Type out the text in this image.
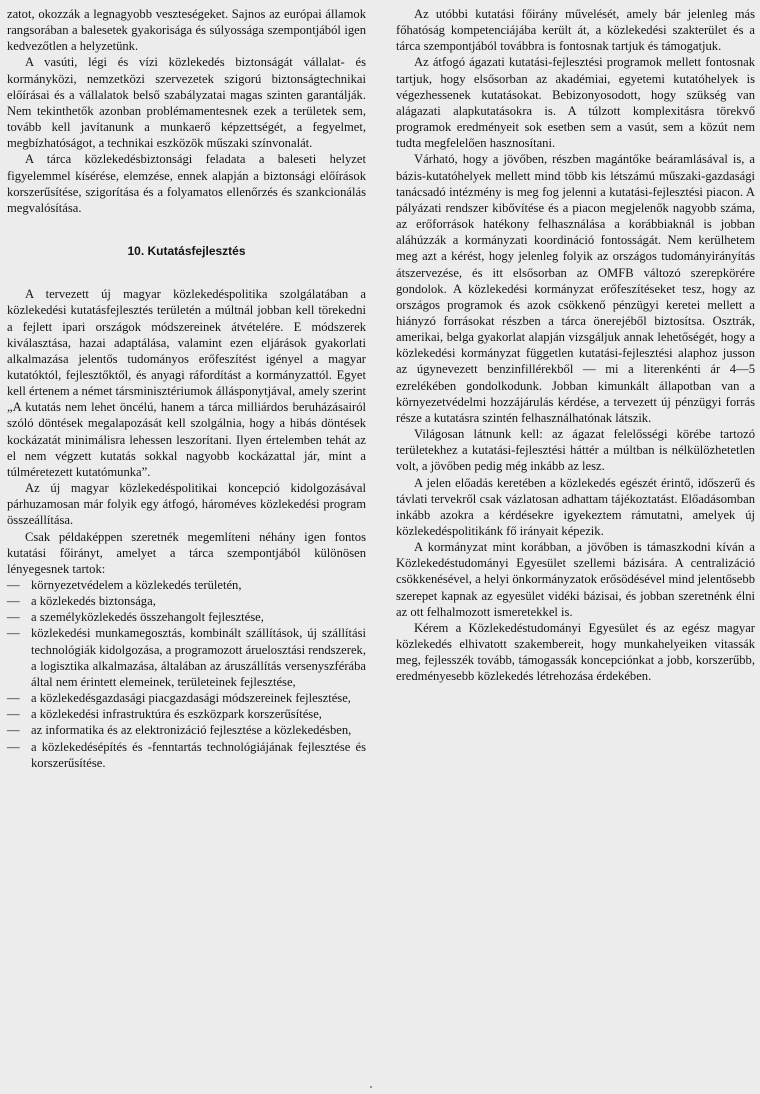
zatot, okozzák a legnagyobb veszteségeket. Sajnos az európai államok rangsorában a balesetek gyakorisága és súlyossága szempontjából igen kedvezőtlen a helyzetünk.

A vasúti, légi és vízi közlekedés biztonságát vállalat- és kormányközi, nemzetközi szervezetek szigorú biztonságtechnikai előírásai és a vállalatok belső szabályzatai magas szinten garantálják. Nem tekinthetők azonban problémamentesnek ezek a területek sem, tovább kell javítanunk a munkaerő képzettségét, a fegyelmet, megbízhatóságot, a technikai eszközök műszaki színvonalát.

A tárca közlekedésbiztonsági feladata a baleseti helyzet figyelemmel kísérése, elemzése, ennek alapján a biztonsági előírások korszerűsítése, szigorítása és a folyamatos ellenőrzés és szankcionálás megvalósítása.

10. Kutatásfejlesztés

A tervezett új magyar közlekedéspolitika szolgálatában a közlekedési kutatásfejlesztés területén a múltnál jobban kell törekedni a fejlett ipari országok módszereinek átvételére. E módszerek kiválasztása, hazai adaptálása, valamint ezen eljárások gyakorlati alkalmazása jelentős tudományos erőfeszítést igényel a magyar kutatóktól, fejlesztőktől, és anyagi ráfordítást a kormányzattól. Egyet kell értenem a német társminisztériumok állásponytjával, amely szerint „A kutatás nem lehet öncélú, hanem a tárca milliárdos beruházásairól szóló döntések megalapozását kell szolgálnia, hogy a hibás döntések kockázatát minimálisra lehessen leszorítani. Ilyen értelemben tehát az el nem végzett kutatás sokkal nagyobb kockázattal jár, mint a túlméretezett kutatómunka”.

Az új magyar közlekedéspolitikai koncepció kidolgozásával párhuzamosan már folyik egy átfogó, hároméves közlekedési program összeállítása.

Csak példaképpen szeretnék megemlíteni néhány igen fontos kutatási főirányt, amelyet a tárca szempontjából különösen lényegesnek tartok:

— környezetvédelem a közlekedés területén,
— a közlekedés biztonsága,
— a személyközlekedés összehangolt fejlesztése,
— közlekedési munkamegosztás, kombinált szállítások, új szállítási technológiák kidolgozása, a programozott áruelosztási rendszerek, a logisztika alkalmazása, általában az áruszállítás versenyszférába által nem érintett elemeinek, területeinek fejlesztése,
— a közlekedésgazdasági piacgazdasági módszereinek fejlesztése,
— a közlekedési infrastruktúra és eszközpark korszerűsítése,
— az informatika és az elektronizáció fejlesztése a közlekedésben,
— a közlekedésépítés és -fenntartás technológiájának fejlesztése és korszerűsítése.

Az utóbbi kutatási főirány művelését, amely bár jelenleg más főhatóság kompetenciájába került át, a közlekedési szakterület és a tárca szempontjából továbbra is fontosnak tartjuk és támogatjuk.

Az átfogó ágazati kutatási-fejlesztési programok mellett fontosnak tartjuk, hogy elsősorban az akadémiai, egyetemi kutatóhelyek is végezhessenek kutatásokat. Bebizonyosodott, hogy szükség van alágazati alapkutatásokra is. A túlzott komplexitásra törekvő programok eredményeit sok esetben sem a vasút, sem a közút nem tudta megfelelően hasznosítani.

Várható, hogy a jövőben, részben magántőke beáramlásával is, a bázis-kutatóhelyek mellett mind több kis létszámú műszaki-gazdasági tanácsadó intézmény is meg fog jelenni a kutatási-fejlesztési piacon. A pályázati rendszer kibővítése és a piacon megjelenők nagyobb száma, az erőforrások hatékony felhasználása a korábbiaknál is jobban aláhúzzák a kormányzati koordináció fontosságát. Nem kerülhetem meg azt a kérést, hogy jelenleg folyik az országos tudományirányítás átszervezése, és itt elsősorban az OMFB változó szerepkörére gondolok. A közlekedési kormányzat erőfeszítéseket tesz, hogy az országos programok és azok csökkenő pénzügyi keretei mellett a hiányzó forrásokat részben a tárca önerejéből biztosítsa. Osztrák, amerikai, belga gyakorlat alapján vizsgáljuk annak lehetőségét, hogy a közlekedési kormányzat független kutatási-fejlesztési alaphoz jusson az úgynevezett benzinfillérekből — mi a literenkénti ár 4—5 ezrelékében gondolkodunk. Jobban kimunkált állapotban van a környezetvédelmi hozzájárulás kérdése, a tervezett új pénzügyi forrás része a kutatásra szintén felhasználhatónak látszik.

Világosan látnunk kell: az ágazat felelősségi körébe tartozó területekhez a kutatási-fejlesztési háttér a múltban is nélkülözhetetlen volt, a jövőben pedig még inkább az lesz.

A jelen előadás keretében a közlekedés egészét érintő, időszerű és távlati tervekről csak vázlatosan adhattam tájékoztatást. Előadásomban inkább azokra a kérdésekre igyekeztem rámutatni, amelyek új közlekedéspolitikánk fő irányait képezik.

A kormányzat mint korábban, a jövőben is támaszkodni kíván a Közlekedéstudományi Egyesület szellemi bázisára. A centralizáció csökkenésével, a helyi önkormányzatok erősödésével mind jelentősebb szerepet kapnak az egyesület vidéki bázisai, és jobban szeretnénk élni az ott felhalmozott ismeretekkel is.

Kérem a Közlekedéstudományi Egyesület és az egész magyar közlekedés elhivatott szakembereit, hogy munkahelyeiken vitassák meg, fejlesszék tovább, támogassák koncepciónkat a jobb, korszerűbb, eredményesebb közlekedés létrehozása érdekében.
